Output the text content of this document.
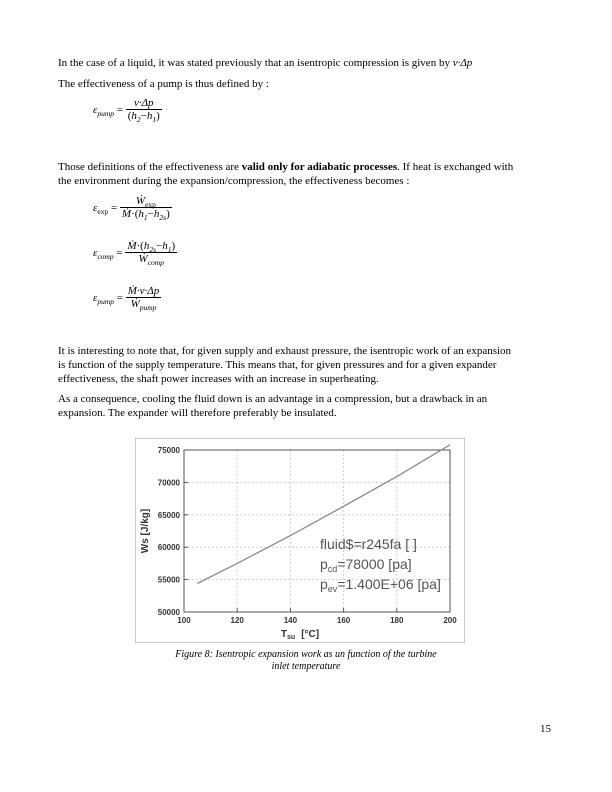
In the case of a liquid, it was stated previously that an isentropic compression is given by v·Δp
The effectiveness of a pump is thus defined by :
$\varepsilon_{pump} = \frac{v\cdot\Delta p}{(h_2-h_1)}$
Those definitions of the effectiveness are valid only for adiabatic processes. If heat is exchanged with
the environment during the expansion/compression, the effectiveness becomes :
$\varepsilon_{exp} = \frac{Ẇ_{exp}}{Ṁ\cdot(h_1-h_{2s})}$
$\varepsilon_{comp} = \frac{Ṁ\cdot(h_{2s}-h_1)}{Ẇ_{comp}}$
$\varepsilon_{pump} = \frac{\text{Ṁ·v·Δp}}{Ẇ_{pump}}$
It is interesting to note that, for given supply and exhaust pressure, the isentropic work of an expansion
is function of the supply temperature. This means that, for given pressures and for a given expander
effectiveness, the shaft power increases with an increase in superheating.
As a consequence, cooling the fluid down is an advantage in a compression, but a drawback in an
expansion. The expander will therefore preferably be insulated.
100	120	140	160	180	200
50000
55000
60000
65000
70000
75000
fluid$=r245fa [ ]
$p_{cd}=78000$ [pa]
$p_{ev}=1.400E+06$ [pa]
$T_{su}$ [°C]
Ws [J/kg]
Figure 8: Isentropic expansion work as un function of the turbine
inlet temperature
15
